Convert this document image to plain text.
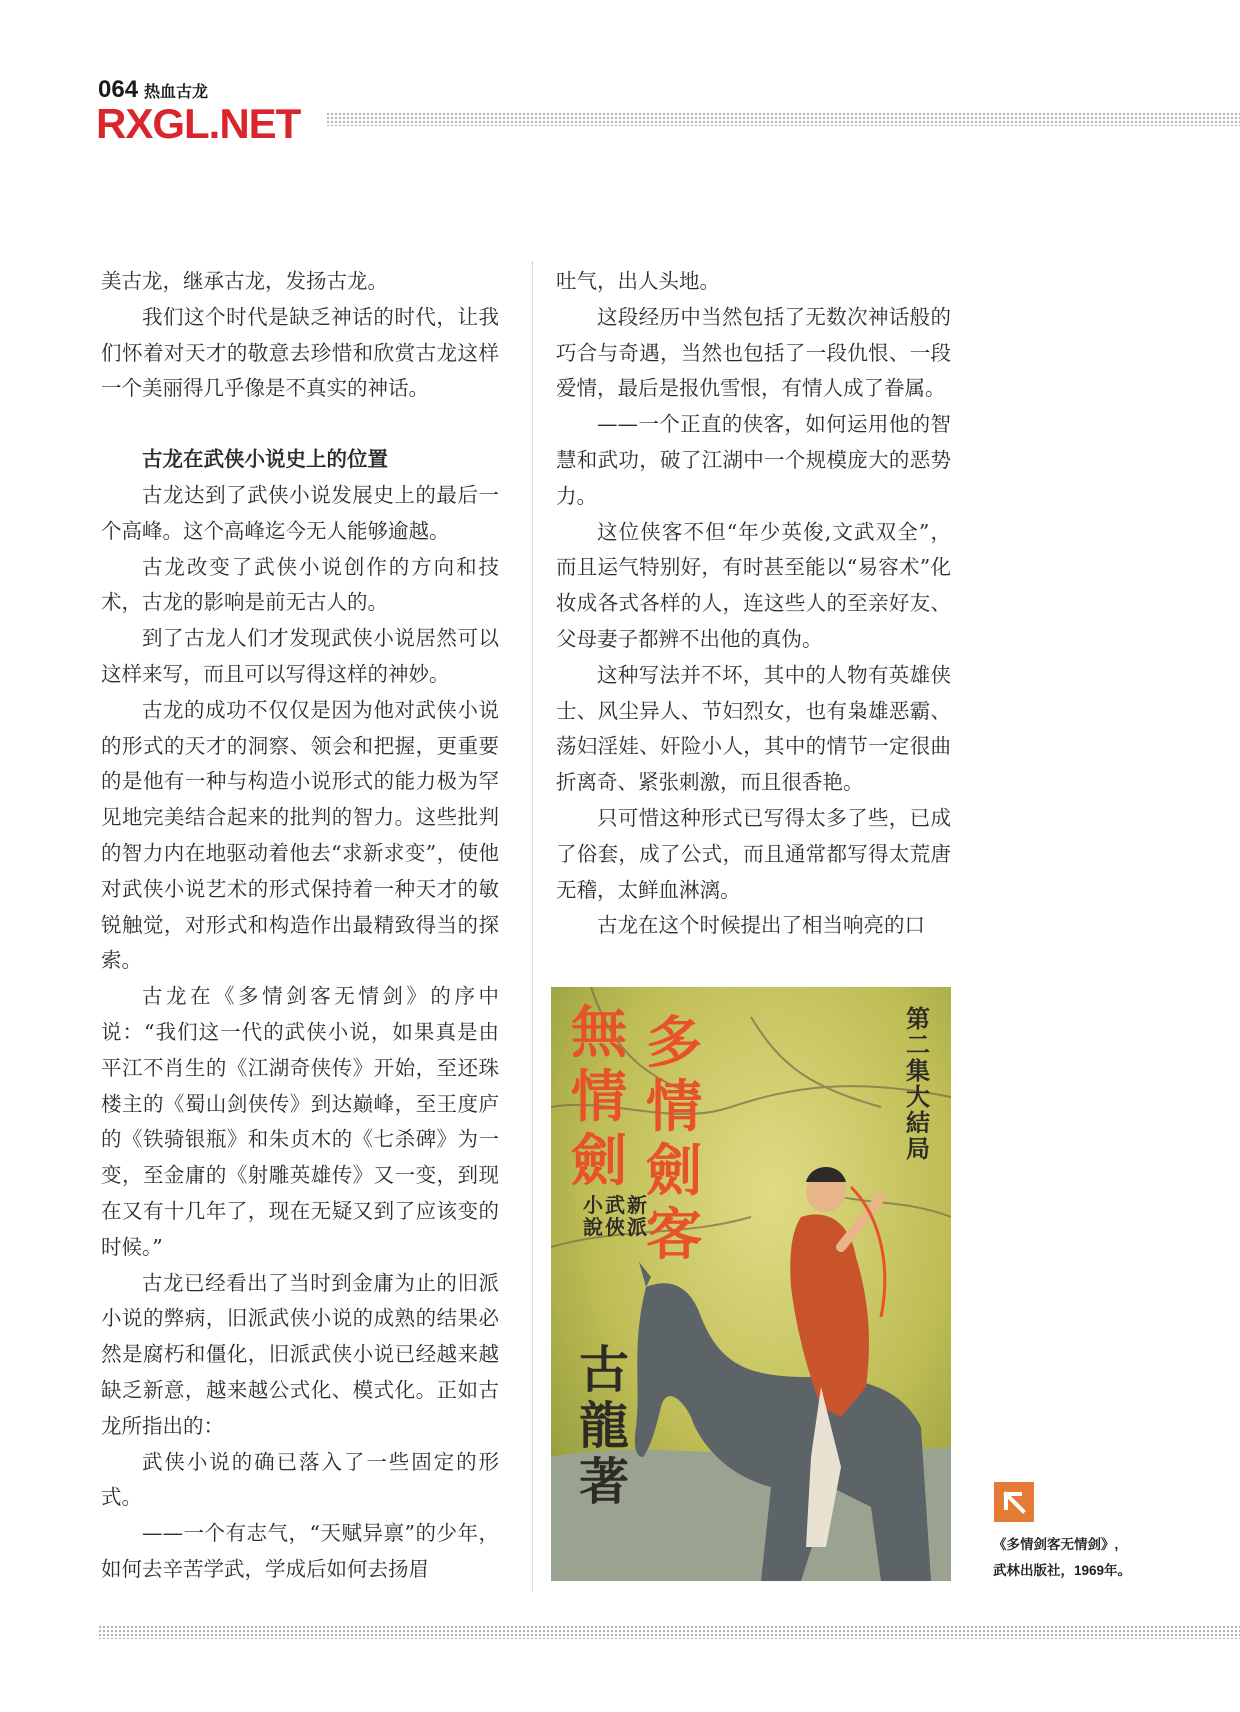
064 热血古龙
RXGL.NET

美古龙，继承古龙，发扬古龙。

我们这个时代是缺乏神话的时代，让我们怀着对天才的敬意去珍惜和欣赏古龙这样一个美丽得几乎像是不真实的神话。

古龙在武侠小说史上的位置

古龙达到了武侠小说发展史上的最后一个高峰。这个高峰迄今无人能够逾越。

古龙改变了武侠小说创作的方向和技术，古龙的影响是前无古人的。

到了古龙人们才发现武侠小说居然可以这样来写，而且可以写得这样的神妙。

古龙的成功不仅仅是因为他对武侠小说的形式的天才的洞察、领会和把握，更重要的是他有一种与构造小说形式的能力极为罕见地完美结合起来的批判的智力。这些批判的智力内在地驱动着他去“求新求变”，使他对武侠小说艺术的形式保持着一种天才的敏锐触觉，对形式和构造作出最精致得当的探索。

古龙在《多情剑客无情剑》的序中说：“我们这一代的武侠小说，如果真是由平江不肖生的《江湖奇侠传》开始，至还珠楼主的《蜀山剑侠传》到达巅峰，至王度庐的《铁骑银瓶》和朱贞木的《七杀碑》为一变，至金庸的《射雕英雄传》又一变，到现在又有十几年了，现在无疑又到了应该变的时候。”

古龙已经看出了当时到金庸为止的旧派小说的弊病，旧派武侠小说的成熟的结果必然是腐朽和僵化，旧派武侠小说已经越来越缺乏新意，越来越公式化、模式化。正如古龙所指出的：

武侠小说的确已落入了一些固定的形式。

——一个有志气，“天赋异禀”的少年，如何去辛苦学武，学成后如何去扬眉

吐气，出人头地。

这段经历中当然包括了无数次神话般的巧合与奇遇，当然也包括了一段仇恨、一段爱情，最后是报仇雪恨，有情人成了眷属。

——一个正直的侠客，如何运用他的智慧和武功，破了江湖中一个规模庞大的恶势力。

这位侠客不但“年少英俊,文武双全”，而且运气特别好，有时甚至能以“易容术”化妆成各式各样的人，连这些人的至亲好友、父母妻子都辨不出他的真伪。

这种写法并不坏，其中的人物有英雄侠士、风尘异人、节妇烈女，也有枭雄恶霸、荡妇淫娃、奸险小人，其中的情节一定很曲折离奇、紧张刺激，而且很香艳。

只可惜这种形式已写得太多了些，已成了俗套，成了公式，而且通常都写得太荒唐无稽，太鲜血淋漓。

古龙在这个时候提出了相当响亮的口

多情劍客
無情劍
第二集大結局
新派
武俠
小說
古龍著
《多情剑客无情剑》,
武林出版社，1969年。
